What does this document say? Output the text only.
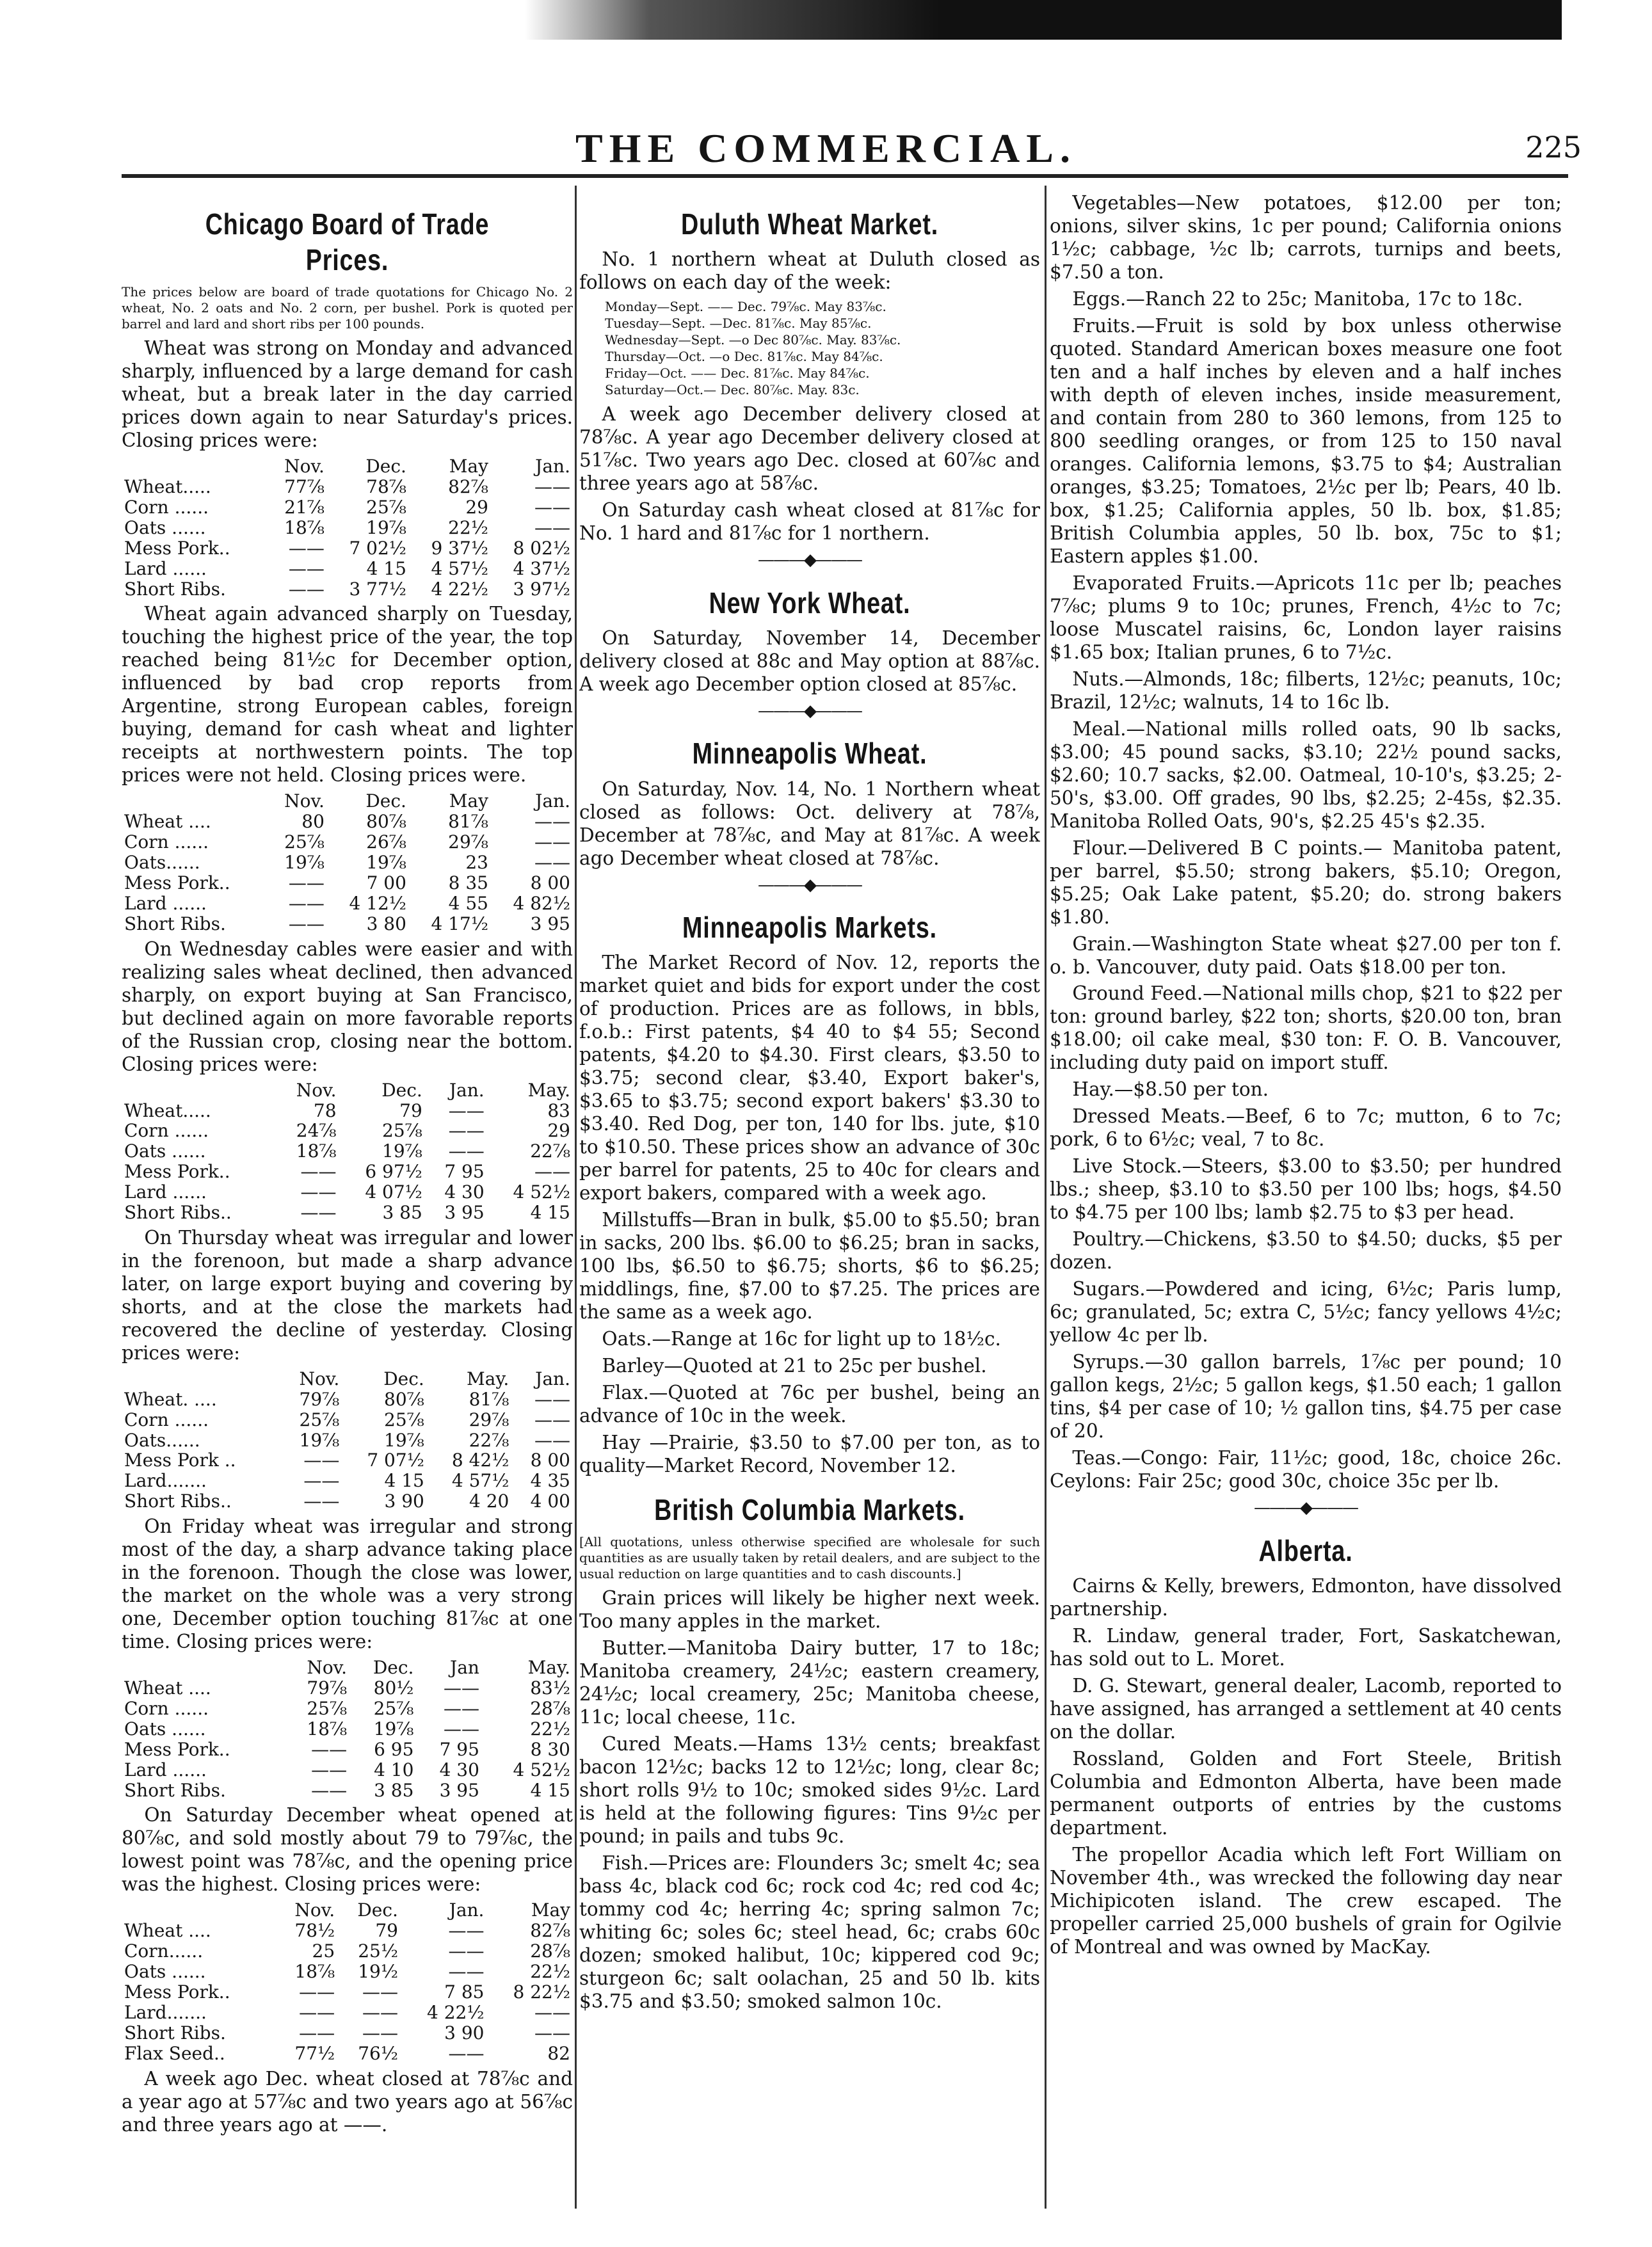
THE COMMERCIAL.	225
Chicago Board of Trade Prices.

The prices below are board of trade quotations for Chicago No. 2 wheat, No. 2 oats and No. 2 corn, per bushel. Pork is quoted per barrel and lard and short ribs per 100 pounds.

Wheat was strong on Monday and advanced sharply, influenced by a large demand for cash wheat, but a break later in the day carried prices down again to near Saturday's prices. Closing prices were:

	Nov.	Dec.	May	Jan.
Wheat.....	77⅞	78⅞	82⅞	——
Corn ......	21⅞	25⅞	29	——
Oats ......	18⅞	19⅞	22½	——
Mess Pork..	——	7 02½	9 37½	8 02½
Lard ......	——	4 15	4 57½	4 37½
Short Ribs.	——	3 77½	4 22½	3 97½

Wheat again advanced sharply on Tuesday, touching the highest price of the year, the top reached being 81½c for December option, influenced by bad crop reports from Argentine, strong European cables, foreign buying, demand for cash wheat and lighter receipts at northwestern points. The top prices were not held. Closing prices were.

	Nov.	Dec.	May	Jan.
Wheat ....	80	80⅞	81⅞	——
Corn ......	25⅞	26⅞	29⅞	——
Oats......	19⅞	19⅞	23	——
Mess Pork..	——	7 00	8 35	8 00
Lard ......	——	4 12½	4 55	4 82½
Short Ribs.	——	3 80	4 17½	3 95

On Wednesday cables were easier and with realizing sales wheat declined, then advanced sharply, on export buying at San Francisco, but declined again on more favorable reports of the Russian crop, closing near the bottom. Closing prices were:

	Nov.	Dec.	Jan.	May.
Wheat.....	78	79	——	83
Corn ......	24⅞	25⅞	——	29
Oats ......	18⅞	19⅞	——	22⅞
Mess Pork..	——	6 97½	7 95	——
Lard ......	——	4 07½	4 30	4 52½
Short Ribs..	——	3 85	3 95	4 15

On Thursday wheat was irregular and lower in the forenoon, but made a sharp advance later, on large export buying and covering by shorts, and at the close the markets had recovered the decline of yesterday. Closing prices were:

	Nov.	Dec.	May.	Jan.
Wheat. ....	79⅞	80⅞	81⅞	——
Corn ......	25⅞	25⅞	29⅞	——
Oats......	19⅞	19⅞	22⅞	——
Mess Pork ..	——	7 07½	8 42½	8 00
Lard.......	——	4 15	4 57½	4 35
Short Ribs..	——	3 90	4 20	4 00

On Friday wheat was irregular and strong most of the day, a sharp advance taking place in the forenoon. Though the close was lower, the market on the whole was a very strong one, December option touching 81⅞c at one time. Closing prices were:

	Nov.	Dec.	Jan	May.
Wheat ....	79⅞	80½	——	83½
Corn ......	25⅞	25⅞	——	28⅞
Oats ......	18⅞	19⅞	——	22½
Mess Pork..	——	6 95	7 95	8 30
Lard ......	——	4 10	4 30	4 52½
Short Ribs.	——	3 85	3 95	4 15

On Saturday December wheat opened at 80⅞c, and sold mostly about 79 to 79⅞c, the lowest point was 78⅞c, and the opening price was the highest. Closing prices were:

	Nov.	Dec.	Jan.	May
Wheat ....	78½	79	——	82⅞
Corn......	25	25½	——	28⅞
Oats ......	18⅞	19½	——	22½
Mess Pork..	——	——	7 85	8 22½
Lard.......	——	——	4 22½	——
Short Ribs.	——	——	3 90	——
Flax Seed..	77½	76½	——	82

A week ago Dec. wheat closed at 78⅞c and a year ago at 57⅞c and two years ago at 56⅞c and three years ago at ——.

Duluth Wheat Market.

No. 1 northern wheat at Duluth closed as follows on each day of the week:

Monday—Sept. —— Dec. 79⅞c. May 83⅞c.
Tuesday—Sept. —Dec. 81⅞c. May 85⅞c.
Wednesday—Sept. —o Dec 80⅞c. May. 83⅞c.
Thursday—Oct. —o Dec. 81⅞c. May 84⅞c.
Friday—Oct. —— Dec. 81⅞c. May 84⅞c.
Saturday—Oct.— Dec. 80⅞c. May. 83c.

A week ago December delivery closed at 78⅞c. A year ago December delivery closed at 51⅞c. Two years ago Dec. closed at 60⅞c and three years ago at 58⅞c.

On Saturday cash wheat closed at 81⅞c for No. 1 hard and 81⅞c for 1 northern.

———◆———
New York Wheat.

On Saturday, November 14, December delivery closed at 88c and May option at 88⅞c. A week ago December option closed at 85⅞c.

———◆———
Minneapolis Wheat.

On Saturday, Nov. 14, No. 1 Northern wheat closed as follows: Oct. delivery at 78⅞, December at 78⅞c, and May at 81⅞c. A week ago December wheat closed at 78⅞c.

———◆———
Minneapolis Markets.

The Market Record of Nov. 12, reports the market quiet and bids for export under the cost of production. Prices are as follows, in bbls, f.o.b.: First patents, $4 40 to $4 55; Second patents, $4.20 to $4.30. First clears, $3.50 to $3.75; second clear, $3.40, Export baker's, $3.65 to $3.75; second export bakers' $3.30 to $3.40. Red Dog, per ton, 140 for lbs. jute, $10 to $10.50. These prices show an advance of 30c per barrel for patents, 25 to 40c for clears and export bakers, compared with a week ago.

Millstuffs—Bran in bulk, $5.00 to $5.50; bran in sacks, 200 lbs. $6.00 to $6.25; bran in sacks, 100 lbs, $6.50 to $6.75; shorts, $6 to $6.25; middlings, fine, $7.00 to $7.25. The prices are the same as a week ago.

Oats.—Range at 16c for light up to 18½c.

Barley—Quoted at 21 to 25c per bushel.

Flax.—Quoted at 76c per bushel, being an advance of 10c in the week.

Hay —Prairie, $3.50 to $7.00 per ton, as to quality—Market Record, November 12.

British Columbia Markets.

[All quotations, unless otherwise specified are wholesale for such quantities as are usually taken by retail dealers, and are subject to the usual reduction on large quantities and to cash discounts.]

Grain prices will likely be higher next week. Too many apples in the market.

Butter.—Manitoba Dairy butter, 17 to 18c; Manitoba creamery, 24½c; eastern creamery, 24½c; local creamery, 25c; Manitoba cheese, 11c; local cheese, 11c.

Cured Meats.—Hams 13½ cents; breakfast bacon 12½c; backs 12 to 12½c; long, clear 8c; short rolls 9½ to 10c; smoked sides 9½c. Lard is held at the following figures: Tins 9½c per pound; in pails and tubs 9c.

Fish.—Prices are: Flounders 3c; smelt 4c; sea bass 4c, black cod 6c; rock cod 4c; red cod 4c; tommy cod 4c; herring 4c; spring salmon 7c; whiting 6c; soles 6c; steel head, 6c; crabs 60c dozen; smoked halibut, 10c; kippered cod 9c; sturgeon 6c; salt oolachan, 25 and 50 lb. kits $3.75 and $3.50; smoked salmon 10c.

Vegetables—New potatoes, $12.00 per ton; onions, silver skins, 1c per pound; California onions 1½c; cabbage, ½c lb; carrots, turnips and beets, $7.50 a ton.

Eggs.—Ranch 22 to 25c; Manitoba, 17c to 18c.

Fruits.—Fruit is sold by box unless otherwise quoted. Standard American boxes measure one foot ten and a half inches by eleven and a half inches with depth of eleven inches, inside measurement, and contain from 280 to 360 lemons, from 125 to 800 seedling oranges, or from 125 to 150 naval oranges. California lemons, $3.75 to $4; Australian oranges, $3.25; Tomatoes, 2½c per lb; Pears, 40 lb. box, $1.25; California apples, 50 lb. box, $1.85; British Columbia apples, 50 lb. box, 75c to $1; Eastern apples $1.00.

Evaporated Fruits.—Apricots 11c per lb; peaches 7⅞c; plums 9 to 10c; prunes, French, 4½c to 7c; loose Muscatel raisins, 6c, London layer raisins $1.65 box; Italian prunes, 6 to 7½c.

Nuts.—Almonds, 18c; filberts, 12½c; peanuts, 10c; Brazil, 12½c; walnuts, 14 to 16c lb.

Meal.—National mills rolled oats, 90 lb sacks, $3.00; 45 pound sacks, $3.10; 22½ pound sacks, $2.60; 10.7 sacks, $2.00. Oatmeal, 10-10's, $3.25; 2-50's, $3.00. Off grades, 90 lbs, $2.25; 2-45s, $2.35. Manitoba Rolled Oats, 90's, $2.25 45's $2.35.

Flour.—Delivered B C points.— Manitoba patent, per barrel, $5.50; strong bakers, $5.10; Oregon, $5.25; Oak Lake patent, $5.20; do. strong bakers $1.80.

Grain.—Washington State wheat $27.00 per ton f. o. b. Vancouver, duty paid. Oats $18.00 per ton.

Ground Feed.—National mills chop, $21 to $22 per ton: ground barley, $22 ton; shorts, $20.00 ton, bran $18.00; oil cake meal, $30 ton: F. O. B. Vancouver, including duty paid on import stuff.

Hay.—$8.50 per ton.

Dressed Meats.—Beef, 6 to 7c; mutton, 6 to 7c; pork, 6 to 6½c; veal, 7 to 8c.

Live Stock.—Steers, $3.00 to $3.50; per hundred lbs.; sheep, $3.10 to $3.50 per 100 lbs; hogs, $4.50 to $4.75 per 100 lbs; lamb $2.75 to $3 per head.

Poultry.—Chickens, $3.50 to $4.50; ducks, $5 per dozen.

Sugars.—Powdered and icing, 6½c; Paris lump, 6c; granulated, 5c; extra C, 5½c; fancy yellows 4½c; yellow 4c per lb.

Syrups.—30 gallon barrels, 1⅞c per pound; 10 gallon kegs, 2½c; 5 gallon kegs, $1.50 each; 1 gallon tins, $4 per case of 10; ½ gallon tins, $4.75 per case of 20.

Teas.—Congo: Fair, 11½c; good, 18c, choice 26c. Ceylons: Fair 25c; good 30c, choice 35c per lb.

———◆———
Alberta.

Cairns & Kelly, brewers, Edmonton, have dissolved partnership.

R. Lindaw, general trader, Fort, Saskatchewan, has sold out to L. Moret.

D. G. Stewart, general dealer, Lacomb, reported to have assigned, has arranged a settlement at 40 cents on the dollar.

Rossland, Golden and Fort Steele, British Columbia and Edmonton Alberta, have been made permanent outports of entries by the customs department.

The propellor Acadia which left Fort William on November 4th., was wrecked the following day near Michipicoten island. The crew escaped. The propeller carried 25,000 bushels of grain for Ogilvie of Montreal and was owned by MacKay.
